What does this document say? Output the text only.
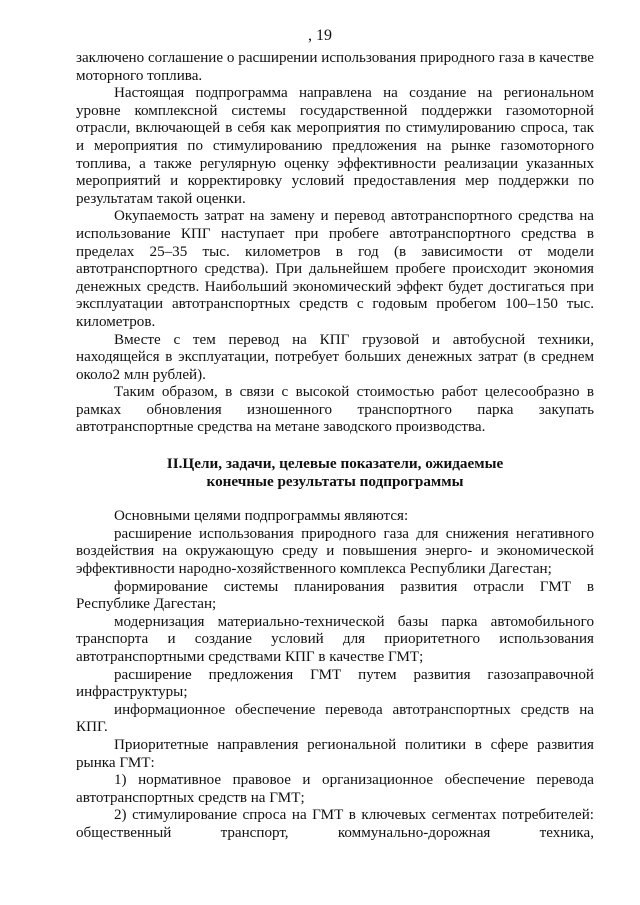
, 19

заключено соглашение о расширении использования природного газа в качестве моторного топлива.

Настоящая подпрограмма направлена на создание на региональном уровне комплексной системы государственной поддержки газомоторной отрасли, включающей в себя как мероприятия по стимулированию спроса, так и мероприятия по стимулированию предложения на рынке газомоторного топлива, а также регулярную оценку эффективности реализации указанных мероприятий и корректировку условий предоставления мер поддержки по результатам такой оценки.

Окупаемость затрат на замену и перевод автотранспортного средства на использование КПГ наступает при пробеге автотранспортного средства в пределах 25–35 тыс. километров в год (в зависимости от модели автотранспортного средства). При дальнейшем пробеге происходит экономия денежных средств. Наибольший экономический эффект будет достигаться при эксплуатации автотранспортных средств с годовым пробегом 100–150 тыс. километров.

Вместе с тем перевод на КПГ грузовой и автобусной техники, находящейся в эксплуатации, потребует больших денежных затрат (в среднем около2 млн рублей).

Таким образом, в связи с высокой стоимостью работ целесообразно в рамках обновления изношенного транспортного парка закупать автотранспортные средства на метане заводского производства.

II.Цели, задачи, целевые показатели, ожидаемые
конечные результаты подпрограммы

Основными целями подпрограммы являются:

расширение использования природного газа для снижения негативного воздействия на окружающую среду и повышения энерго- и экономической эффективности народно-хозяйственного комплекса Республики Дагестан;

формирование системы планирования развития отрасли ГМТ в Республике Дагестан;

модернизация материально-технической базы парка автомобильного транспорта и создание условий для приоритетного использования автотранспортными средствами КПГ в качестве ГМТ;

расширение предложения ГМТ путем развития газозаправочной инфраструктуры;

информационное обеспечение перевода автотранспортных средств на КПГ.

Приоритетные направления региональной политики в сфере развития рынка ГМТ:

1) нормативное правовое и организационное обеспечение перевода автотранспортных средств на ГМТ;

2) стимулирование спроса на ГМТ в ключевых сегментах потребителей: общественный транспорт, коммунально-дорожная техника,
